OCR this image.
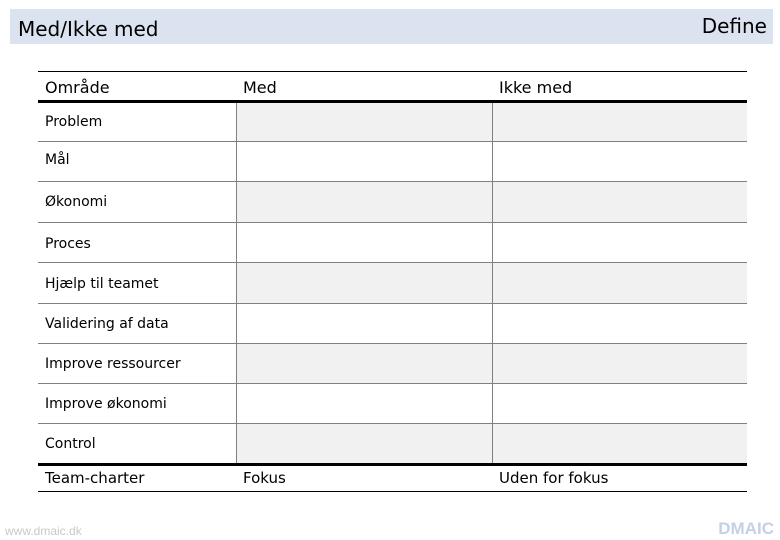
Med/Ikke med	Define
Område	Med	Ikke med
Problem
Mål
Økonomi
Proces
Hjælp til teamet
Validering af data
Improve ressourcer
Improve økonomi
Control
Team-charter	Fokus	Uden for fokus
www.dmaic.dk	DMAIC
